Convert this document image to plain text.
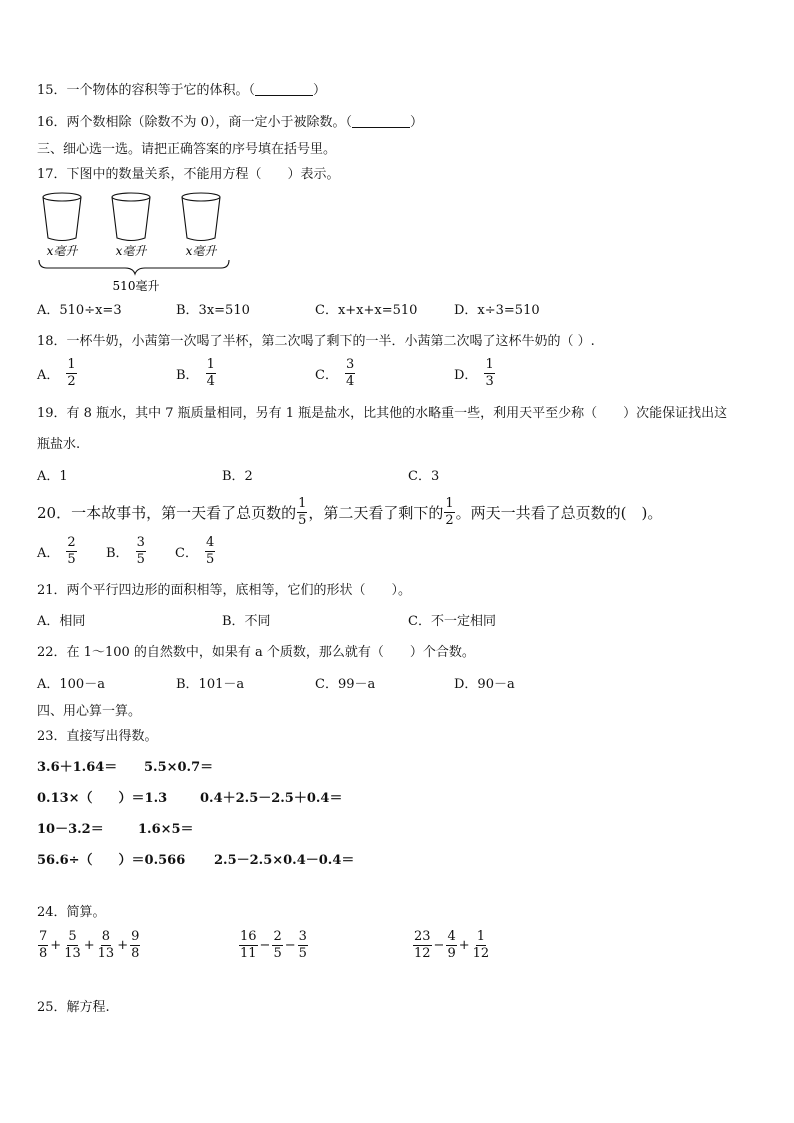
15．一个物体的容积等于它的体积。（	）
16．两个数相除（除数不为 0），商一定小于被除数。（	）
三、细心选一选。请把正确答案的序号填在括号里。
17．下图中的数量关系，不能用方程（　　）表示。
x毫升	x毫升	x毫升
510毫升
A．510÷x=3	B．3x=510	C．x+x+x=510	D．x÷3=510
18．一杯牛奶，小茜第一次喝了半杯，第二次喝了剩下的一半．小茜第二次喝了这杯牛奶的（ ）.
A． $\frac{1}{2}$	B． $\frac{1}{4}$	C． $\frac{3}{4}$	D． $\frac{1}{3}$
19．有 8 瓶水，其中 7 瓶质量相同，另有 1 瓶是盐水，比其他的水略重一些，利用天平至少称（　　）次能保证找出这
瓶盐水.
A．1	B．2	C．3
20．一本故事书，第一天看了总页数的 $\frac{1}{5}$ ，第二天看了剩下的 $\frac{1}{2}$ 。两天一共看了总页数的(　)。
A． $\frac{2}{5}$ B． $\frac{3}{5}$ C． $\frac{4}{5}$
21．两个平行四边形的面积相等，底相等，它们的形状（　　）。
A．相同	B．不同	C．不一定相同
22．在 1～100 的自然数中，如果有 a 个质数，那么就有（　　）个合数。
A．100－a	B．101－a	C．99－a	D．90－a
四、用心算一算。
23．直接写出得数。
3.6＋1.64＝ 5.5×0.7＝
0.13×（　　）＝1.3	0.4＋2.5－2.5＋0.4＝
10－3.2＝	1.6×5＝
56.6÷（　　）＝0.566 2.5－2.5×0.4－0.4＝
24．简算。
$\frac{7}{8} + \frac{5}{13} + \frac{8}{13} + \frac{9}{8}$	$\frac{16}{11} - \frac{2}{5} - \frac{3}{5}$	$\frac{23}{12} - \frac{4}{9} + \frac{1}{12}$
25．解方程.
